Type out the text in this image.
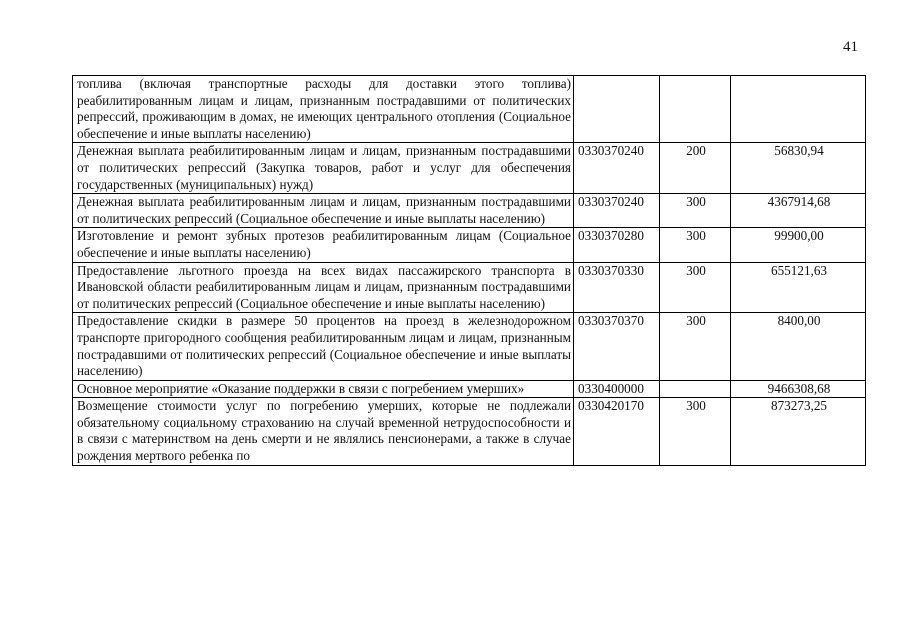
41
топлива (включая транспортные расходы для доставки этого топлива) реабилитированным лицам и лицам, признанным пострадавшими от политических репрессий, проживающим в домах, не имеющих центрального отопления (Социальное обеспечение и иные выплаты населению)			
Денежная выплата реабилитированным лицам и лицам, признанным пострадавшими от политических репрессий (Закупка товаров, работ и услуг для обеспечения государственных (муниципальных) нужд)	0330370240	200	56830,94
Денежная выплата реабилитированным лицам и лицам, признанным пострадавшими от политических репрессий (Социальное обеспечение и иные выплаты населению)	0330370240	300	4367914,68
Изготовление и ремонт зубных протезов реабилитированным лицам (Социальное обеспечение и иные выплаты населению)	0330370280	300	99900,00
Предоставление льготного проезда на всех видах пассажирского транспорта в Ивановской области реабилитированным лицам и лицам, признанным пострадавшими от политических репрессий (Социальное обеспечение и иные выплаты населению)	0330370330	300	655121,63
Предоставление скидки в размере 50 процентов на проезд в железнодорожном транспорте пригородного сообщения реабилитированным лицам и лицам, признанным пострадавшими от политических репрессий (Социальное обеспечение и иные выплаты населению)	0330370370	300	8400,00
Основное мероприятие «Оказание поддержки в связи с погребением умерших»	0330400000		9466308,68
Возмещение стоимости услуг по погребению умерших, которые не подлежали обязательному социальному страхованию на случай временной нетрудоспособности и в связи с материнством на день смерти и не являлись пенсионерами, а также в случае рождения мертвого ребенка по	0330420170	300	873273,25
